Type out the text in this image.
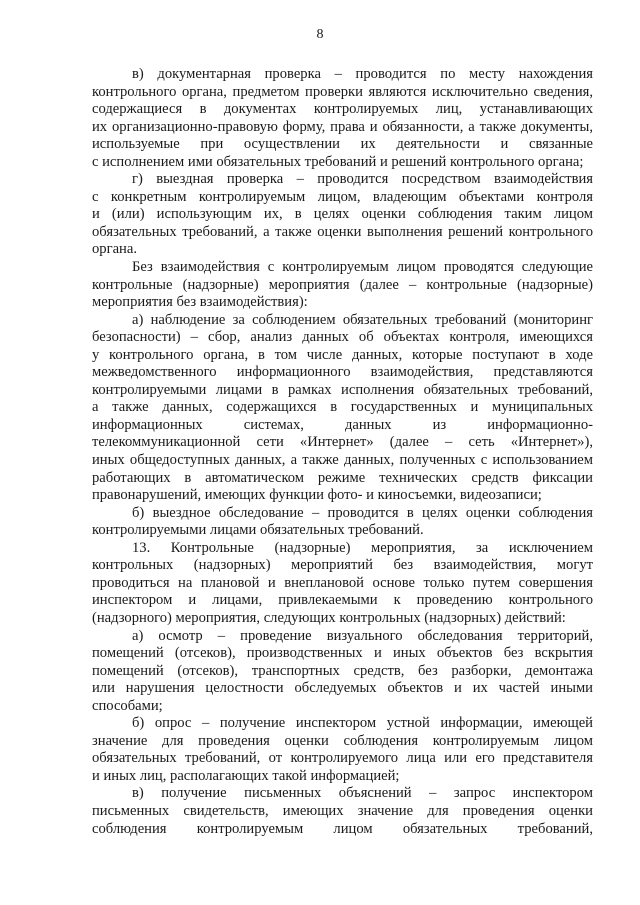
8
в) документарная проверка – проводится по месту нахождения
контрольного органа, предметом проверки являются исключительно сведения,
содержащиеся в документах контролируемых лиц, устанавливающих
их организационно-правовую форму, права и обязанности, а также документы,
используемые при осуществлении их деятельности и связанные
с исполнением ими обязательных требований и решений контрольного органа;
г) выездная проверка – проводится посредством взаимодействия
с конкретным контролируемым лицом, владеющим объектами контроля
и (или) использующим их, в целях оценки соблюдения таким лицом
обязательных требований, а также оценки выполнения решений контрольного
органа.
Без взаимодействия с контролируемым лицом проводятся следующие
контрольные (надзорные) мероприятия (далее – контрольные (надзорные)
мероприятия без взаимодействия):
а) наблюдение за соблюдением обязательных требований (мониторинг
безопасности) – сбор, анализ данных об объектах контроля, имеющихся
у контрольного органа, в том числе данных, которые поступают в ходе
межведомственного информационного взаимодействия, представляются
контролируемыми лицами в рамках исполнения обязательных требований,
а также данных, содержащихся в государственных и муниципальных
информационных системах, данных из информационно-
телекоммуникационной сети «Интернет» (далее – сеть «Интернет»),
иных общедоступных данных, а также данных, полученных с использованием
работающих в автоматическом режиме технических средств фиксации
правонарушений, имеющих функции фото- и киносъемки, видеозаписи;
б) выездное обследование – проводится в целях оценки соблюдения
контролируемыми лицами обязательных требований.
13. Контрольные (надзорные) мероприятия, за исключением
контрольных (надзорных) мероприятий без взаимодействия, могут
проводиться на плановой и внеплановой основе только путем совершения
инспектором и лицами, привлекаемыми к проведению контрольного
(надзорного) мероприятия, следующих контрольных (надзорных) действий:
а) осмотр – проведение визуального обследования территорий,
помещений (отсеков), производственных и иных объектов без вскрытия
помещений (отсеков), транспортных средств, без разборки, демонтажа
или нарушения целостности обследуемых объектов и их частей иными
способами;
б) опрос – получение инспектором устной информации, имеющей
значение для проведения оценки соблюдения контролируемым лицом
обязательных требований, от контролируемого лица или его представителя
и иных лиц, располагающих такой информацией;
в) получение письменных объяснений – запрос инспектором
письменных свидетельств, имеющих значение для проведения оценки
соблюдения контролируемым лицом обязательных требований,
